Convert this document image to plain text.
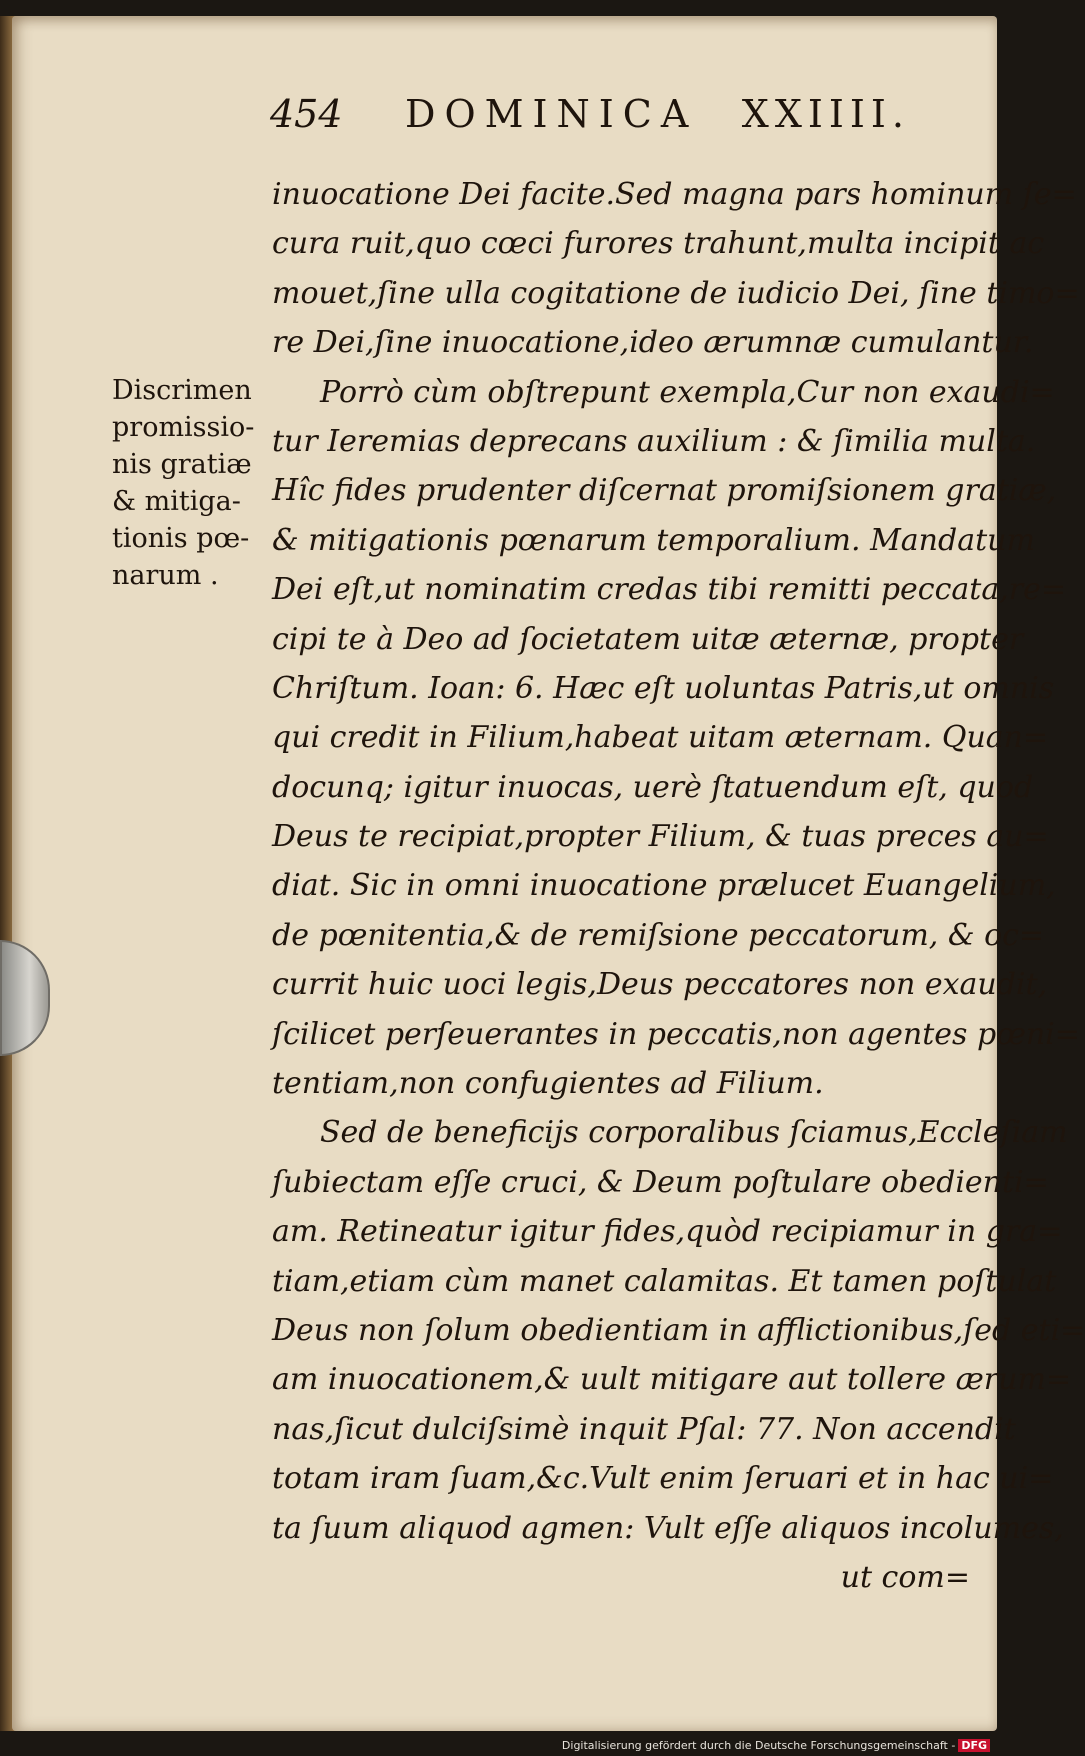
454 DOMINICA XXIIII.
Discrimen
promissio-
nis gratiæ
& mitiga-
tionis pœ-
narum .
inuocatione Dei facite.Sed magna pars hominum ſe=
cura ruit,quo cœci furores trahunt,multa incipit ac
mouet,ſine ulla cogitatione de iudicio Dei, ſine timo=
re Dei,ſine inuocatione,ideo ærumnæ cumulantur.
Porrò cùm obſtrepunt exempla,Cur non exaudi=
tur Ieremias deprecans auxilium : & ſimilia multa.
Hîc fides prudenter diſcernat promiſsionem gratiæ,
& mitigationis pœnarum temporalium. Mandatum
Dei eſt,ut nominatim credas tibi remitti peccata,re=
cipi te à Deo ad ſocietatem uitæ æternæ, propter
Chriſtum. Ioan: 6. Hæc eſt uoluntas Patris,ut omnis
qui credit in Filium,habeat uitam æternam. Quan=
docunq; igitur inuocas, uerè ſtatuendum eſt, quod
Deus te recipiat,propter Filium, & tuas preces au=
diat. Sic in omni inuocatione prælucet Euangelium,
de pœnitentia,& de remiſsione peccatorum, & oc=
currit huic uoci legis,Deus peccatores non exaudit,
ſcilicet perſeuerantes in peccatis,non agentes pœni=
tentiam,non confugientes ad Filium.
Sed de beneficijs corporalibus ſciamus,Eccleſiam
ſubiectam eſſe cruci, & Deum poſtulare obedienti=
am. Retineatur igitur fides,quòd recipiamur in gra=
tiam,etiam cùm manet calamitas. Et tamen poſtulat
Deus non ſolum obedientiam in afflictionibus,ſed eti=
am inuocationem,& uult mitigare aut tollere ærum=
nas,ſicut dulciſsimè inquit Pſal: 77. Non accendit
totam iram ſuam,&c.Vult enim ſeruari et in hac ui=
ta ſuum aliquod agmen: Vult eſſe aliquos incolumes,
ut com=
Digitalisierung gefördert durch die Deutsche Forschungsgemeinschaft - DFG
